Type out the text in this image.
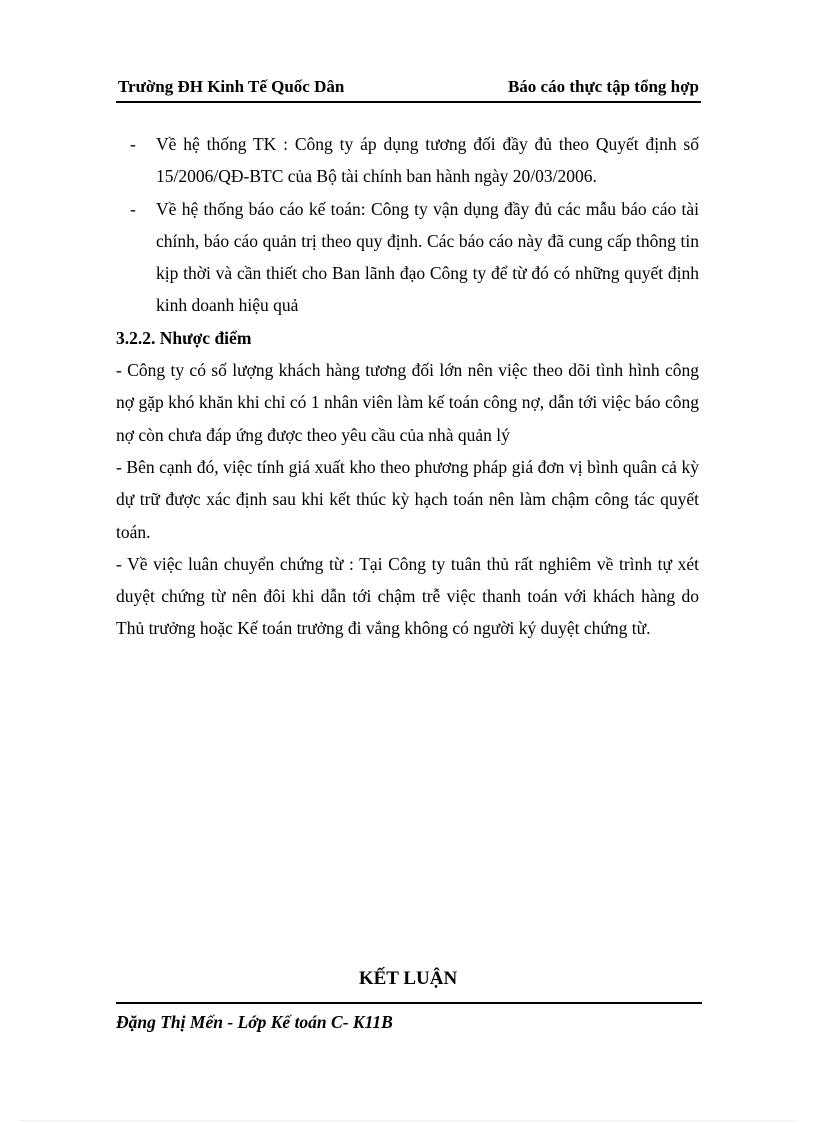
Trường ĐH Kinh Tế Quốc Dân	Báo cáo thực tập tổng hợp
- Về hệ thống TK : Công ty áp dụng tương đối đầy đủ theo Quyết định số 15/2006/QĐ-BTC của Bộ tài chính ban hành ngày 20/03/2006.
- Về hệ thống báo cáo kế toán: Công ty vận dụng đầy đủ các mẫu báo cáo tài chính, báo cáo quản trị theo quy định. Các báo cáo này đã cung cấp thông tin kịp thời và cần thiết cho Ban lãnh đạo Công ty để từ đó có những quyết định kinh doanh hiệu quả
3.2.2. Nhược điểm
- Công ty có số lượng khách hàng tương đối lớn nên việc theo dõi tình hình công nợ gặp khó khăn khi chỉ có 1 nhân viên làm kế toán công nợ, dẫn tới việc báo công nợ còn chưa đáp ứng được theo yêu cầu của nhà quản lý
- Bên cạnh đó, việc tính giá xuất kho theo phương pháp giá đơn vị bình quân cả kỳ dự trữ được xác định sau khi kết thúc kỳ hạch toán nên làm chậm công tác quyết toán.
- Về việc luân chuyển chứng từ : Tại Công ty tuân thủ rất nghiêm về trình tự xét duyệt chứng từ nên đôi khi dẫn tới chậm trễ việc thanh toán với khách hàng do Thủ trưởng hoặc Kế toán trưởng đi vắng không có người ký duyệt chứng từ.
KẾT LUẬN
Đặng Thị Mến - Lớp Kế toán C- K11B
